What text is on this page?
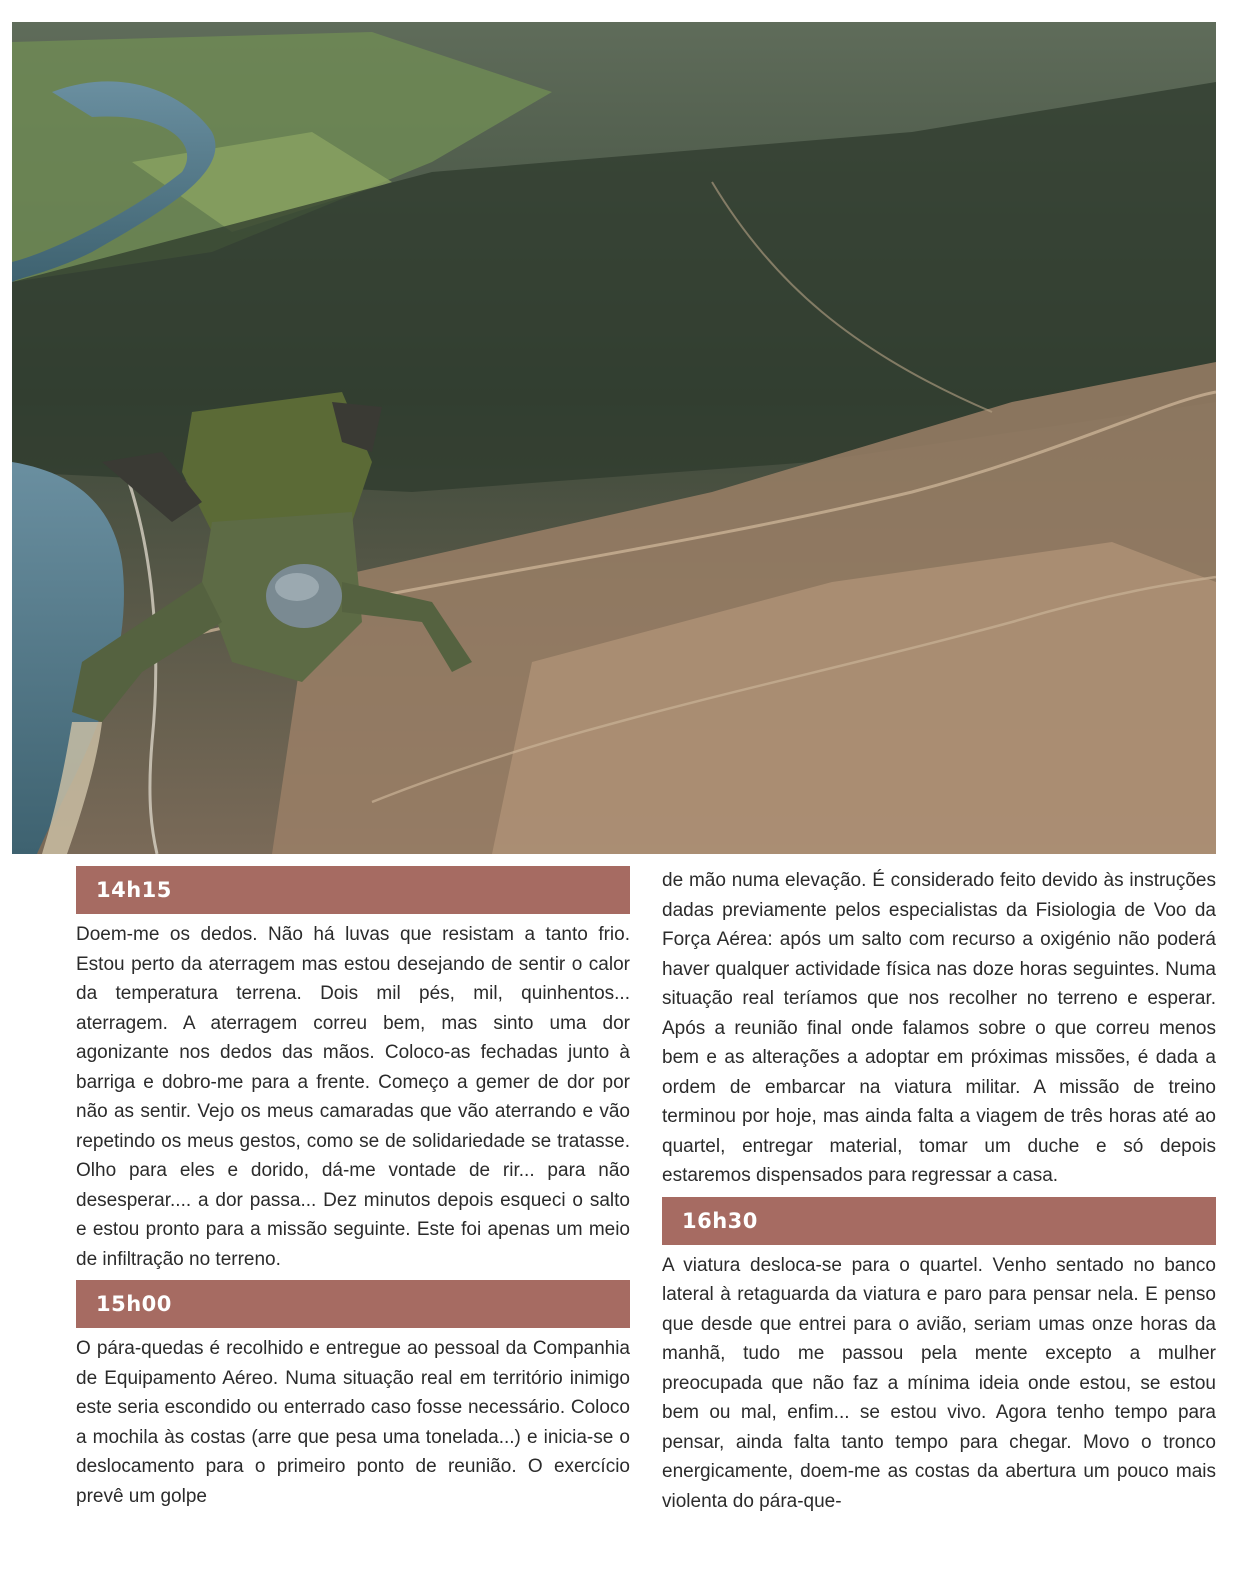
14h15

Doem-me os dedos. Não há luvas que resistam a tanto frio. Estou perto da aterragem mas estou desejando de sentir o calor da temperatura terrena. Dois mil pés, mil, quinhentos... aterragem. A aterragem correu bem, mas sinto uma dor agonizante nos dedos das mãos. Coloco-as fechadas junto à barriga e dobro-me para a frente. Começo a gemer de dor por não as sentir. Vejo os meus camaradas que vão aterrando e vão repetindo os meus gestos, como se de solidariedade se tratasse. Olho para eles e dorido, dá-me vontade de rir... para não desesperar.... a dor passa... Dez minutos depois esqueci o salto e estou pronto para a missão seguinte. Este foi apenas um meio de infiltração no terreno.

15h00

O pára-quedas é recolhido e entregue ao pessoal da Companhia de Equipamento Aéreo. Numa situação real em território inimigo este seria escondido ou enterrado caso fosse necessário. Coloco a mochila às costas (arre que pesa uma tonelada...) e inicia-se o deslocamento para o primeiro ponto de reunião. O exercício prevê um golpe

de mão numa elevação. É considerado feito devido às instruções dadas previamente pelos especialistas da Fisiologia de Voo da Força Aérea: após um salto com recurso a oxigénio não poderá haver qualquer actividade física nas doze horas seguintes. Numa situação real teríamos que nos recolher no terreno e esperar. Após a reunião final onde falamos sobre o que correu menos bem e as alterações a adoptar em próximas missões, é dada a ordem de embarcar na viatura militar. A missão de treino terminou por hoje, mas ainda falta a viagem de três horas até ao quartel, entregar material, tomar um duche e só depois estaremos dispensados para regressar a casa.

16h30

A viatura desloca-se para o quartel. Venho sentado no banco lateral à retaguarda da viatura e paro para pensar nela. E penso que desde que entrei para o avião, seriam umas onze horas da manhã, tudo me passou pela mente excepto a mulher preocupada que não faz a mínima ideia onde estou, se estou bem ou mal, enfim... se estou vivo. Agora tenho tempo para pensar, ainda falta tanto tempo para chegar. Movo o tronco energicamente, doem-me as costas da abertura um pouco mais violenta do pára-que-
